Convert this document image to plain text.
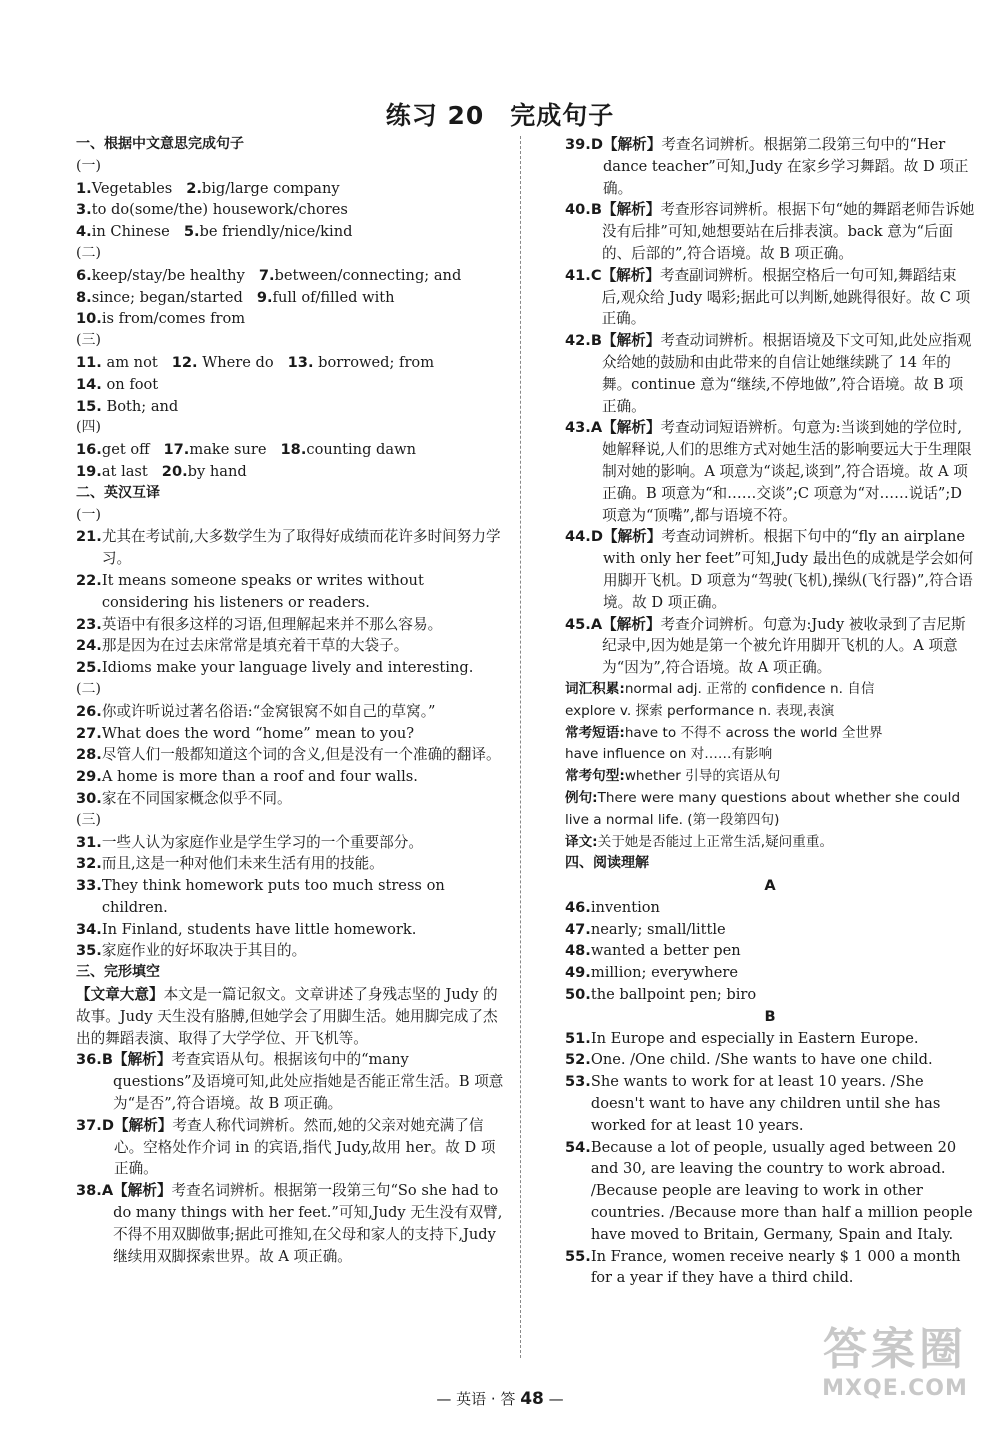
练习 20 完成句子
一、根据中文意思完成句子
(一)
1.Vegetables 2.big/large company
3.to do(some/the) housework/chores
4.in Chinese 5.be friendly/nice/kind
(二)
6.keep/stay/be healthy 7.between/connecting; and
8.since; began/started 9.full of/filled with
10.is from/comes from
(三)
11. am not 12. Where do 13. borrowed; from
14. on foot
15. Both; and
(四)
16.get off 17.make sure 18.counting dawn
19.at last 20.by hand
二、英汉互译
(一)
21. 尤其在考试前,大多数学生为了取得好成绩而花许多时间努力学习。
22. It means someone speaks or writes without considering his listeners or readers.
23. 英语中有很多这样的习语,但理解起来并不那么容易。
24. 那是因为在过去床常常是填充着干草的大袋子。
25. Idioms make your language lively and interesting.
(二)
26. 你或许听说过著名俗语:“金窝银窝不如自己的草窝。”
27. What does the word “home” mean to you?
28. 尽管人们一般都知道这个词的含义,但是没有一个准确的翻译。
29. A home is more than a roof and four walls.
30. 家在不同国家概念似乎不同。
(三)
31. 一些人认为家庭作业是学生学习的一个重要部分。
32. 而且,这是一种对他们未来生活有用的技能。
33. They think homework puts too much stress on children.
34. In Finland, students have little homework.
35. 家庭作业的好坏取决于其目的。
三、完形填空
【文章大意】本文是一篇记叙文。文章讲述了身残志坚的 Judy 的故事。Judy 天生没有胳膊,但她学会了用脚生活。她用脚完成了杰出的舞蹈表演、取得了大学学位、开飞机等。
36.B 【解析】考查宾语从句。根据该句中的“many questions”及语境可知,此处应指她是否能正常生活。B 项意为“是否”,符合语境。故 B 项正确。
37.D 【解析】考查人称代词辨析。然而,她的父亲对她充满了信心。空格处作介词 in 的宾语,指代 Judy,故用 her。故 D 项正确。
38.A 【解析】考查名词辨析。根据第一段第三句“So she had to do many things with her feet.”可知,Judy 无生没有双臂,不得不用双脚做事;据此可推知,在父母和家人的支持下,Judy 继续用双脚探索世界。故 A 项正确。
39.D 【解析】考查名词辨析。根据第二段第三句中的“Her dance teacher”可知,Judy 在家乡学习舞蹈。故 D 项正确。
40.B 【解析】考查形容词辨析。根据下句“她的舞蹈老师告诉她没有后排”可知,她想要站在后排表演。back 意为“后面的、后部的”,符合语境。故 B 项正确。
41.C 【解析】考查副词辨析。根据空格后一句可知,舞蹈结束后,观众给 Judy 喝彩;据此可以判断,她跳得很好。故 C 项正确。
42.B 【解析】考查动词辨析。根据语境及下文可知,此处应指观众给她的鼓励和由此带来的自信让她继续跳了 14 年的舞。continue 意为“继续,不停地做”,符合语境。故 B 项正确。
43.A 【解析】考查动词短语辨析。句意为:当谈到她的学位时,她解释说,人们的思维方式对她生活的影响要远大于生理限制对她的影响。A 项意为“谈起,谈到”,符合语境。故 A 项正确。B 项意为“和……交谈”;C 项意为“对……说话”;D 项意为“顶嘴”,都与语境不符。
44.D 【解析】考查动词辨析。根据下句中的“fly an airplane with only her feet”可知,Judy 最出色的成就是学会如何用脚开飞机。D 项意为“驾驶(飞机),操纵(飞行器)”,符合语境。故 D 项正确。
45.A 【解析】考查介词辨析。句意为:Judy 被收录到了吉尼斯纪录中,因为她是第一个被允许用脚开飞机的人。A 项意为“因为”,符合语境。故 A 项正确。
词汇积累:normal adj. 正常的 confidence n. 自信
explore v. 探索 performance n. 表现,表演
常考短语:have to 不得不 across the world 全世界
have influence on 对……有影响
常考句型:whether 引导的宾语从句
例句:There were many questions about whether she could live a normal life. (第一段第四句)
译文:关于她是否能过上正常生活,疑问重重。
四、阅读理解
A
46. invention
47. nearly; small/little
48. wanted a better pen
49. million; everywhere
50. the ballpoint pen; biro
B
51. In Europe and especially in Eastern Europe.
52. One. /One child. /She wants to have one child.
53. She wants to work for at least 10 years. /She doesn't want to have any children until she has worked for at least 10 years.
54. Because a lot of people, usually aged between 20 and 30, are leaving the country to work abroad. /Because people are leaving to work in other countries. /Because more than half a million people have moved to Britain, Germany, Spain and Italy.
55. In France, women receive nearly $ 1 000 a month for a year if they have a third child.
— 英语 · 答 48 —
答案圈
MXQE.COM
